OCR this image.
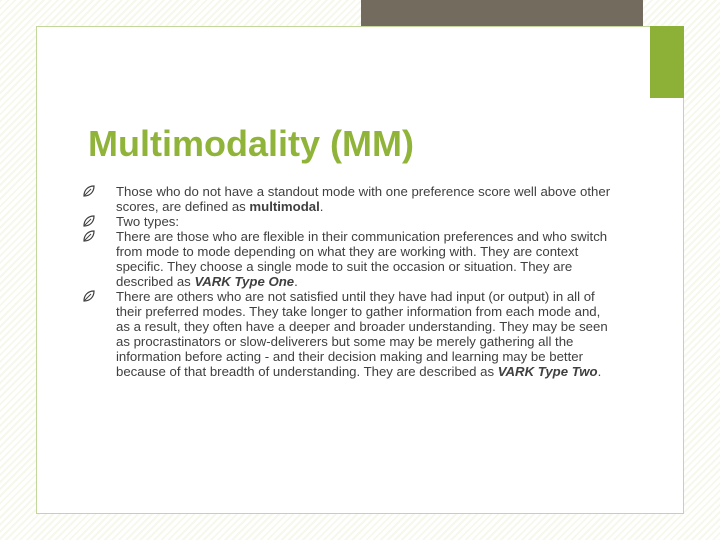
Multimodality (MM)
Those who do not have a standout mode with one preference score well above other scores, are defined as multimodal.
Two types:
There are those who are flexible in their communication preferences and who switch from mode to mode depending on what they are working with. They are context specific. They choose a single mode to suit the occasion or situation. They are described as VARK Type One.
There are others who are not satisfied until they have had input (or output) in all of their preferred modes. They take longer to gather information from each mode and, as a result, they often have a deeper and broader understanding. They may be seen as procrastinators or slow-deliverers but some may be merely gathering all the information before acting - and their decision making and learning may be better because of that breadth of understanding. They are described as VARK Type Two.
